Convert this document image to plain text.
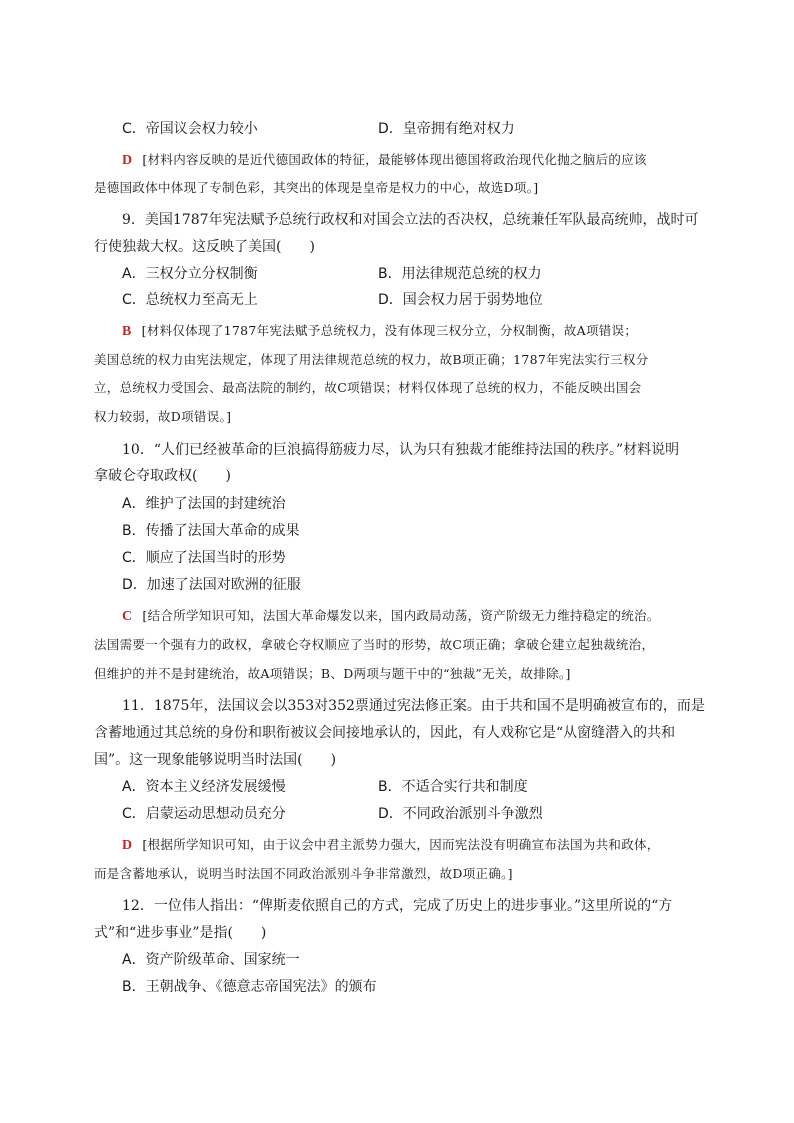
C．帝国议会权力较小	D．皇帝拥有绝对权力
D [材料内容反映的是近代德国政体的特征，最能够体现出德国将政治现代化抛之脑后的应该
是德国政体中体现了专制色彩，其突出的体现是皇帝是权力的中心，故选D项。]
9．美国1787年宪法赋予总统行政权和对国会立法的否决权，总统兼任军队最高统帅，战时可
行使独裁大权。这反映了美国(　　)
A．三权分立分权制衡	B．用法律规范总统的权力
C．总统权力至高无上	D．国会权力居于弱势地位
B [材料仅体现了1787年宪法赋予总统权力，没有体现三权分立，分权制衡，故A项错误；
美国总统的权力由宪法规定，体现了用法律规范总统的权力，故B项正确；1787年宪法实行三权分
立，总统权力受国会、最高法院的制约，故C项错误；材料仅体现了总统的权力，不能反映出国会
权力较弱，故D项错误。]
10．“人们已经被革命的巨浪搞得筋疲力尽，认为只有独裁才能维持法国的秩序。”材料说明
拿破仑夺取政权(　　)
A．维护了法国的封建统治
B．传播了法国大革命的成果
C．顺应了法国当时的形势
D．加速了法国对欧洲的征服
C [结合所学知识可知，法国大革命爆发以来，国内政局动荡，资产阶级无力维持稳定的统治。
法国需要一个强有力的政权，拿破仑夺权顺应了当时的形势，故C项正确；拿破仑建立起独裁统治，
但维护的并不是封建统治，故A项错误；B、D两项与题干中的“独裁”无关，故排除。]
11．1875年，法国议会以353对352票通过宪法修正案。由于共和国不是明确被宣布的，而是
含蓄地通过其总统的身份和职衔被议会间接地承认的，因此，有人戏称它是“从窗缝潜入的共和
国”。这一现象能够说明当时法国(　　)
A．资本主义经济发展缓慢	B．不适合实行共和制度
C．启蒙运动思想动员充分	D．不同政治派别斗争激烈
D [根据所学知识可知，由于议会中君主派势力强大，因而宪法没有明确宣布法国为共和政体，
而是含蓄地承认，说明当时法国不同政治派别斗争非常激烈，故D项正确。]
12．一位伟人指出：“俾斯麦依照自己的方式，完成了历史上的进步事业。”这里所说的“方
式”和“进步事业”是指(　　)
A．资产阶级革命、国家统一
B．王朝战争、《德意志帝国宪法》的颁布
